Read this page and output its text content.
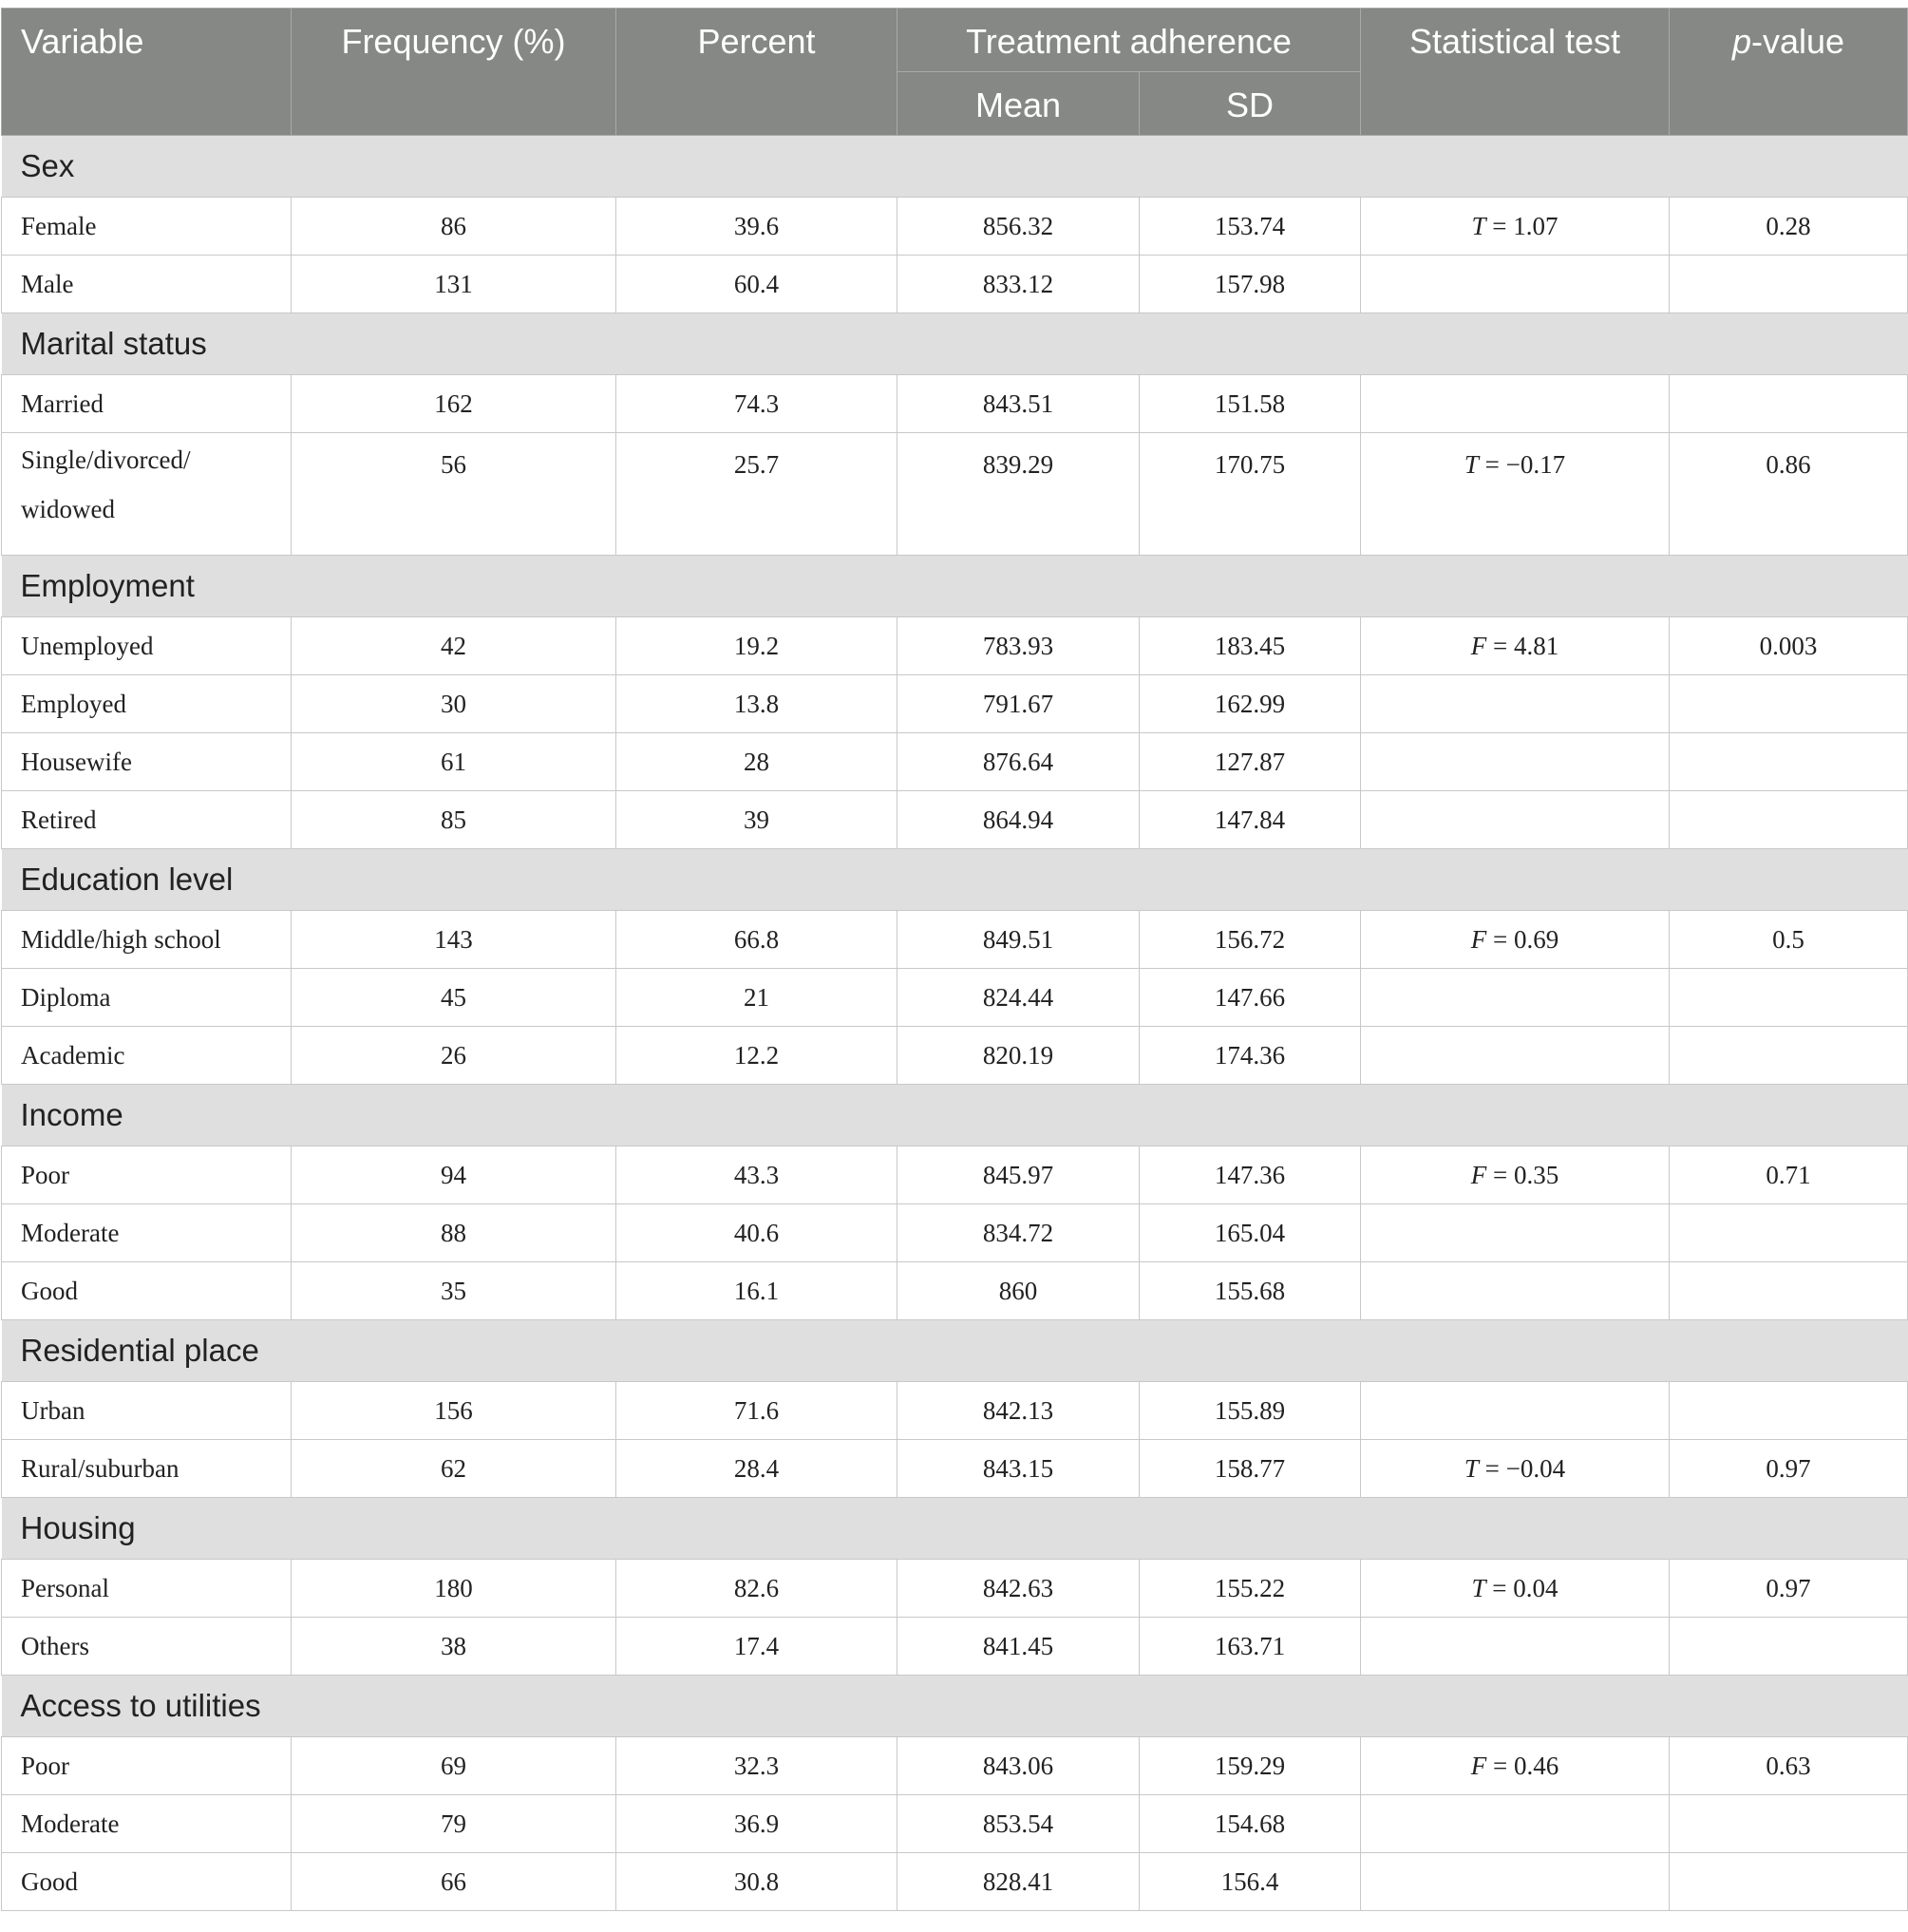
Variable	Frequency (%)	Percent	Treatment adherence		Statistical test	p-value
			Mean	SD		
Sex						
Female	86	39.6	856.32	153.74	T = 1.07	0.28
Male	131	60.4	833.12	157.98		
Marital status						
Married	162	74.3	843.51	151.58		

Single/divorced/
widowed	56	25.7	839.29	170.75	T = −0.17	0.86
Employment						
Unemployed	42	19.2	783.93	183.45	F = 4.81	0.003
Employed	30	13.8	791.67	162.99		
Housewife	61	28	876.64	127.87		
Retired	85	39	864.94	147.84		
Education level						
Middle/high school	143	66.8	849.51	156.72	F = 0.69	0.5
Diploma	45	21	824.44	147.66		
Academic	26	12.2	820.19	174.36		
Income						
Poor	94	43.3	845.97	147.36	F = 0.35	0.71
Moderate	88	40.6	834.72	165.04		
Good	35	16.1	860	155.68		
Residential place						
Urban	156	71.6	842.13	155.89		
Rural/suburban	62	28.4	843.15	158.77	T = −0.04	0.97
Housing						
Personal	180	82.6	842.63	155.22	T = 0.04	0.97
Others	38	17.4	841.45	163.71		
Access to utilities						
Poor	69	32.3	843.06	159.29	F = 0.46	0.63
Moderate	79	36.9	853.54	154.68		
Good	66	30.8	828.41	156.4		
